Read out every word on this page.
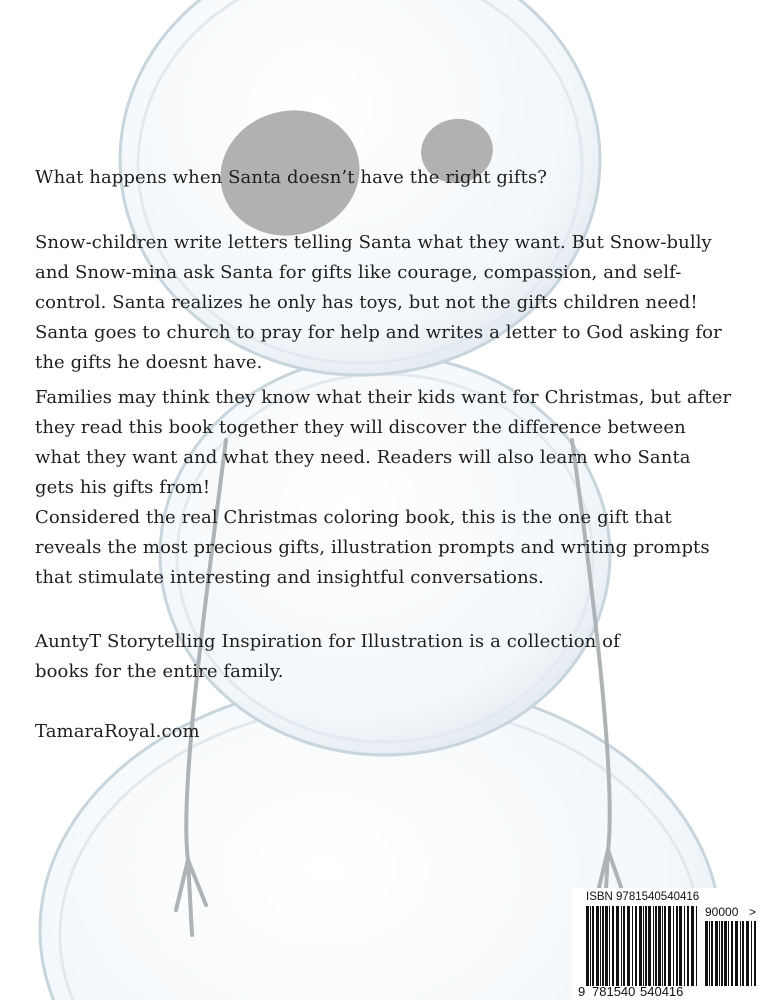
What happens when Santa doesn’t have the right gifts?

Snow-children write letters telling Santa what they want. But Snow-bully and Snow-mina ask Santa for gifts like courage, compassion, and self-control. Santa realizes he only has toys, but not the gifts children need! Santa goes to church to pray for help and writes a letter to God asking for the gifts he doesnt have.

Families may think they know what their kids want for Christmas, but after they read this book together they will discover the difference between what they want and what they need. Readers will also learn who Santa gets his gifts from!

Considered the real Christmas coloring book, this is the one gift that reveals the most precious gifts, illustration prompts and writing prompts that stimulate interesting and insightful conversations.

AuntyT Storytelling Inspiration for Illustration is a collection of books for the entire family.

TamaraRoyal.com

ISBN 9781540540416
90000 >
9 781540 540416
